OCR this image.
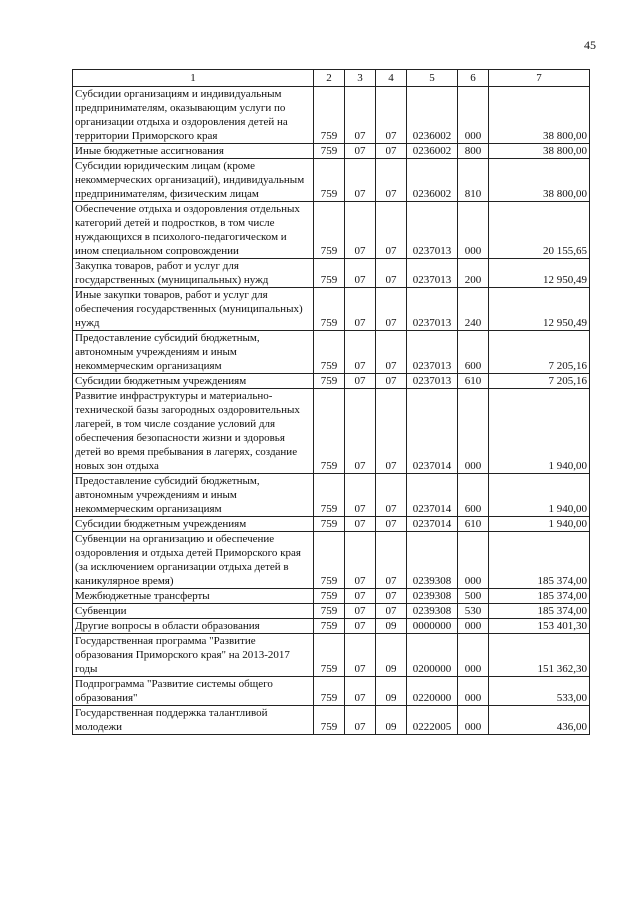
45
1	2	3	4	5	6	7
Субсидии организациям и индивидуальным предпринимателям, оказывающим услуги по организации отдыха и оздоровления детей на территории Приморского края	759	07	07	0236002	000	38 800,00
Иные бюджетные ассигнования	759	07	07	0236002	800	38 800,00
Субсидии юридическим лицам (кроме некоммерческих организаций), индивидуальным предпринимателям, физическим лицам	759	07	07	0236002	810	38 800,00
Обеспечение отдыха и оздоровления отдельных категорий детей и подростков, в том числе нуждающихся в психолого-педагогическом и ином специальном сопровождении	759	07	07	0237013	000	20 155,65
Закупка товаров, работ и услуг для государственных (муниципальных) нужд	759	07	07	0237013	200	12 950,49
Иные закупки товаров, работ и услуг для обеспечения государственных (муниципальных) нужд	759	07	07	0237013	240	12 950,49
Предоставление субсидий бюджетным, автономным учреждениям и иным некоммерческим организациям	759	07	07	0237013	600	7 205,16
Субсидии бюджетным учреждениям	759	07	07	0237013	610	7 205,16
Развитие инфраструктуры и материально-технической базы загородных оздоровительных лагерей, в том числе создание условий для обеспечения безопасности жизни и здоровья детей во время пребывания в лагерях, создание новых зон отдыха	759	07	07	0237014	000	1 940,00
Предоставление субсидий бюджетным, автономным учреждениям и иным некоммерческим организациям	759	07	07	0237014	600	1 940,00
Субсидии бюджетным учреждениям	759	07	07	0237014	610	1 940,00
Субвенции на организацию и обеспечение оздоровления и отдыха детей Приморского края (за исключением организации отдыха детей в каникулярное время)	759	07	07	0239308	000	185 374,00
Межбюджетные трансферты	759	07	07	0239308	500	185 374,00
Субвенции	759	07	07	0239308	530	185 374,00
Другие вопросы в области образования	759	07	09	0000000	000	153 401,30
Государственная программа "Развитие образования Приморского края" на 2013-2017 годы	759	07	09	0200000	000	151 362,30
Подпрограмма "Развитие системы общего образования"	759	07	09	0220000	000	533,00
Государственная поддержка талантливой молодежи	759	07	09	0222005	000	436,00
